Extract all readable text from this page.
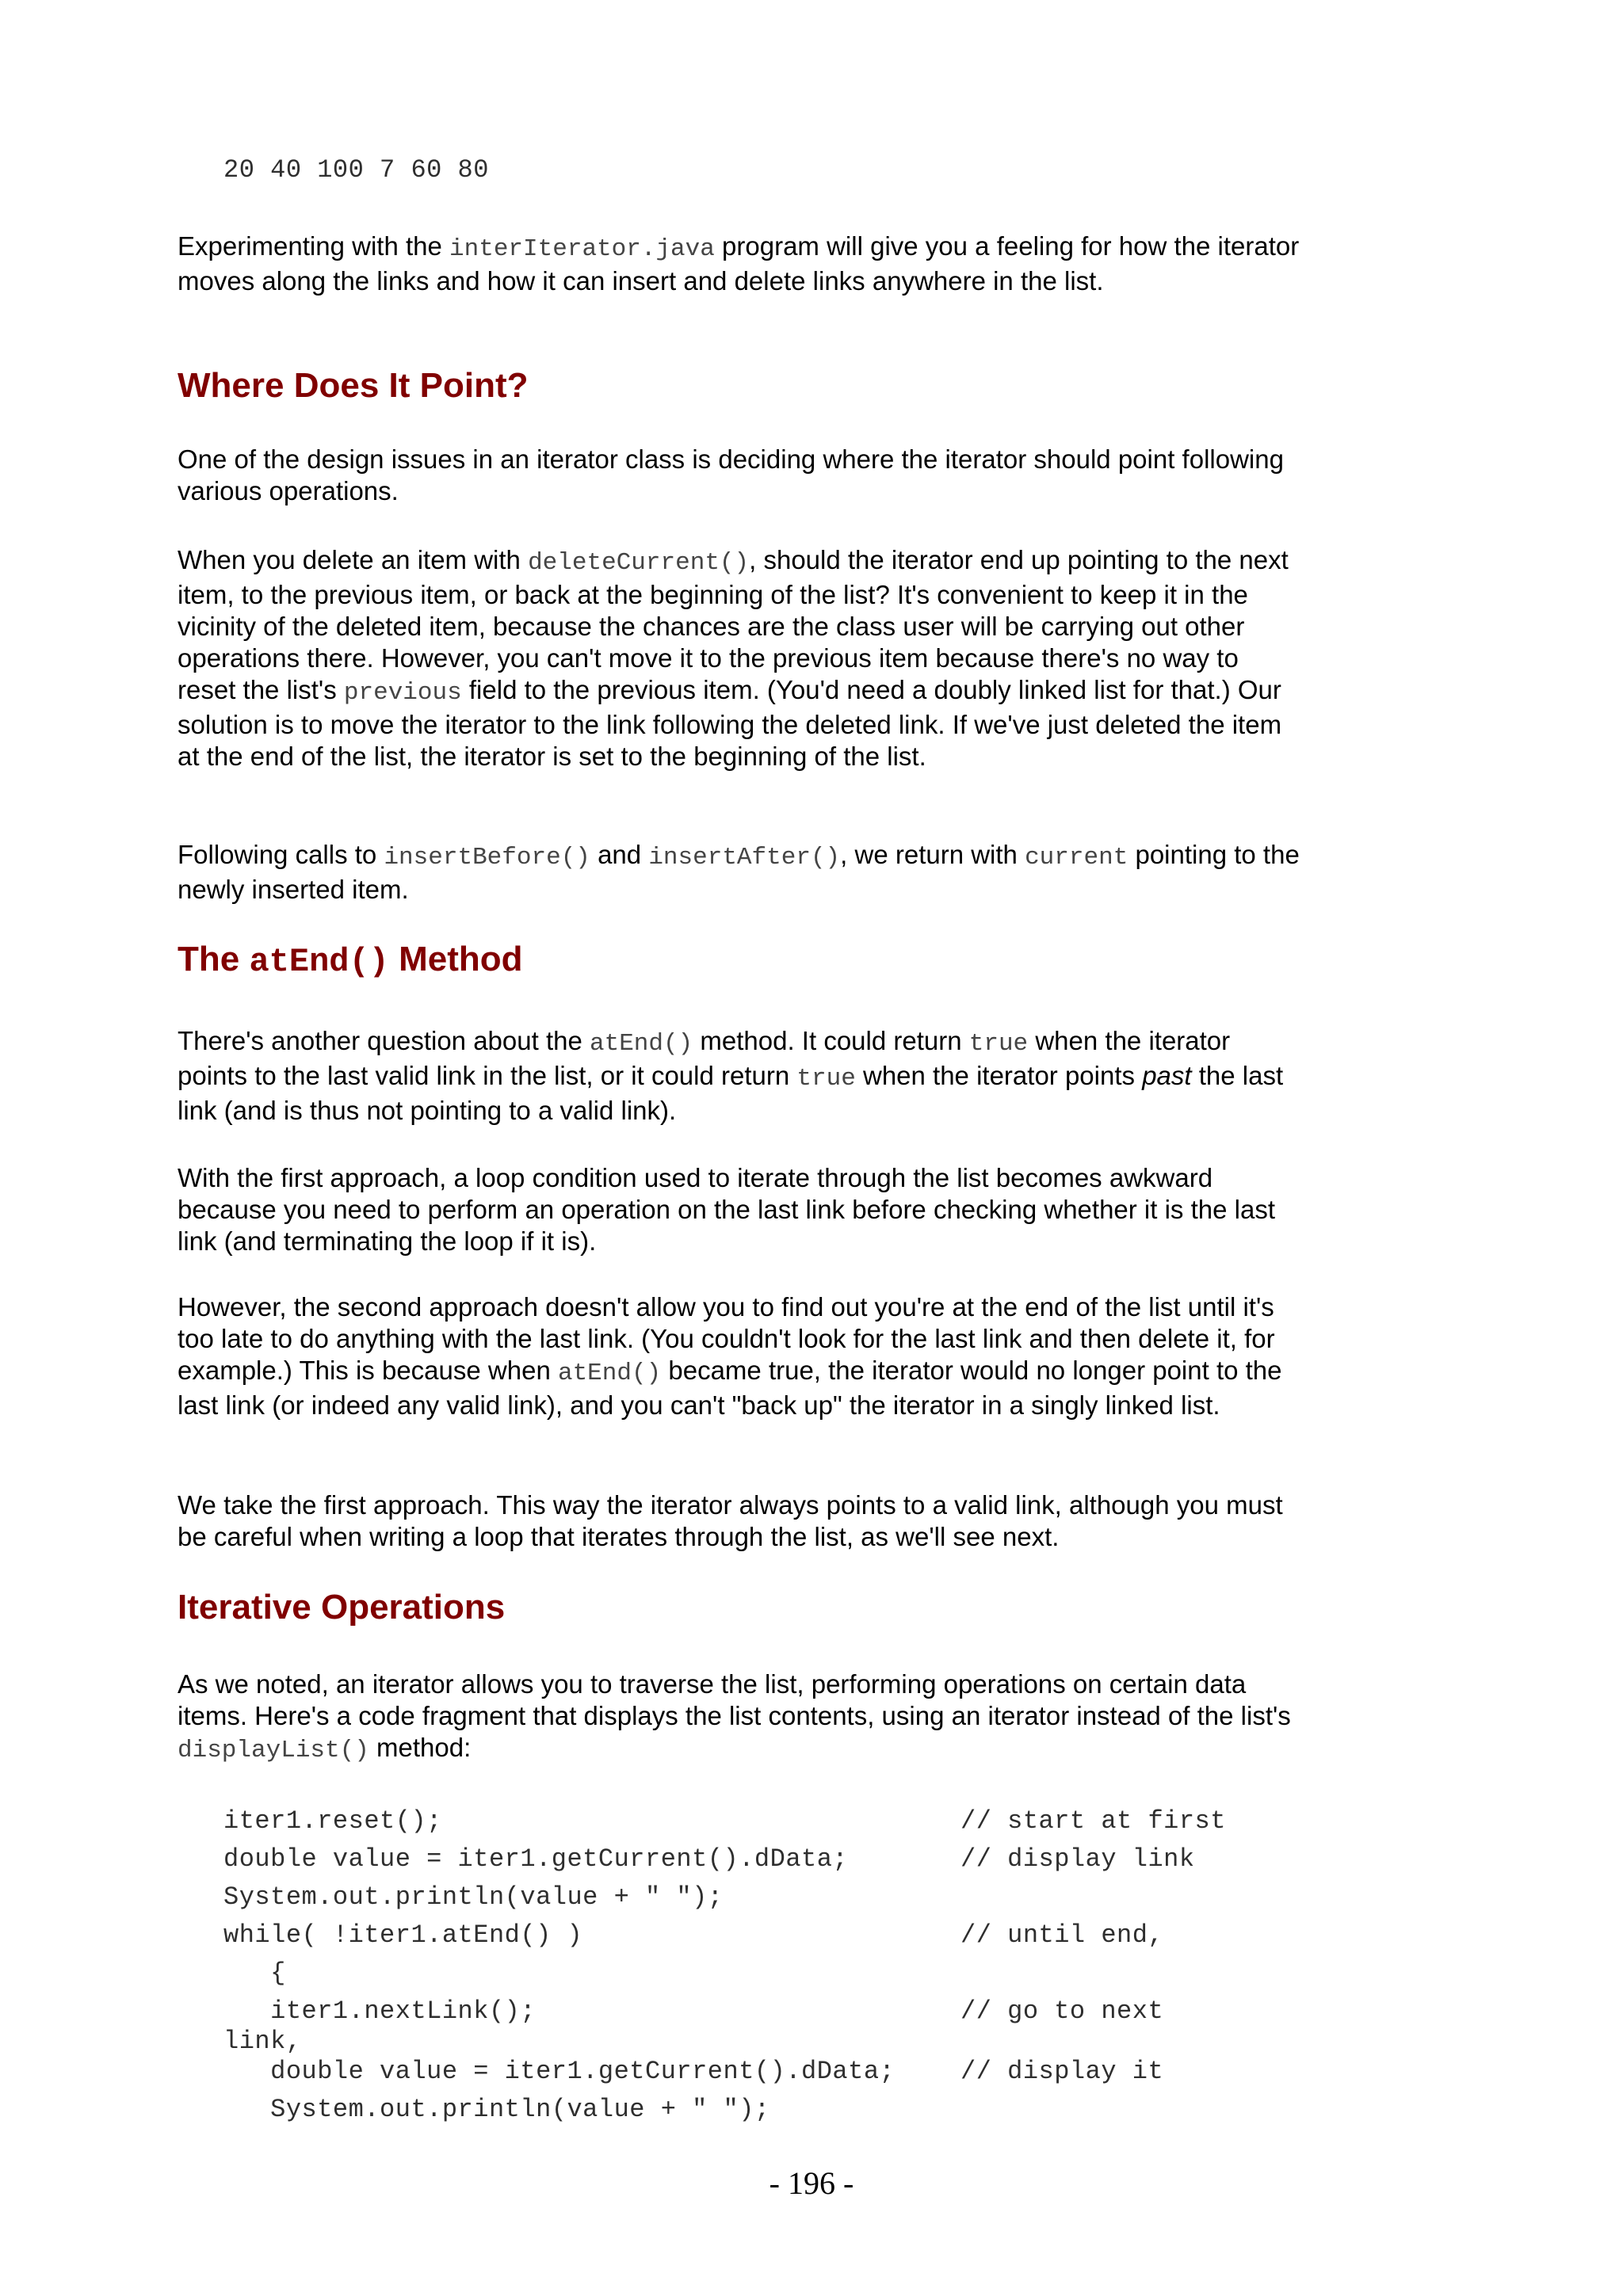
20 40 100 7 60 80
Experimenting with the interIterator.java program will give you a feeling for how the iterator moves along the links and how it can insert and delete links anywhere in the list.
Where Does It Point?
One of the design issues in an iterator class is deciding where the iterator should point following various operations.
When you delete an item with deleteCurrent(), should the iterator end up pointing to the next item, to the previous item, or back at the beginning of the list? It's convenient to keep it in the vicinity of the deleted item, because the chances are the class user will be carrying out other operations there. However, you can't move it to the previous item because there's no way to reset the list's previous field to the previous item. (You'd need a doubly linked list for that.) Our solution is to move the iterator to the link following the deleted link. If we've just deleted the item at the end of the list, the iterator is set to the beginning of the list.
Following calls to insertBefore() and insertAfter(), we return with current pointing to the newly inserted item.
The atEnd() Method
There's another question about the atEnd() method. It could return true when the iterator points to the last valid link in the list, or it could return true when the iterator points past the last link (and is thus not pointing to a valid link).
With the first approach, a loop condition used to iterate through the list becomes awkward because you need to perform an operation on the last link before checking whether it is the last link (and terminating the loop if it is).
However, the second approach doesn't allow you to find out you're at the end of the list until it's too late to do anything with the last link. (You couldn't look for the last link and then delete it, for example.) This is because when atEnd() became true, the iterator would no longer point to the last link (or indeed any valid link), and you can't "back up" the iterator in a singly linked list.
We take the first approach. This way the iterator always points to a valid link, although you must be careful when writing a loop that iterates through the list, as we'll see next.
Iterative Operations
As we noted, an iterator allows you to traverse the list, performing operations on certain data items. Here's a code fragment that displays the list contents, using an iterator instead of the list's displayList() method:
iter1.reset();	// start at first
double value = iter1.getCurrent().dData;	// display link
System.out.println(value + " ");
while( !iter1.atEnd() )	// until end,
{
iter1.nextLink();	// go to next
link,
double value = iter1.getCurrent().dData;	// display it
System.out.println(value + " ");
- 196 -
